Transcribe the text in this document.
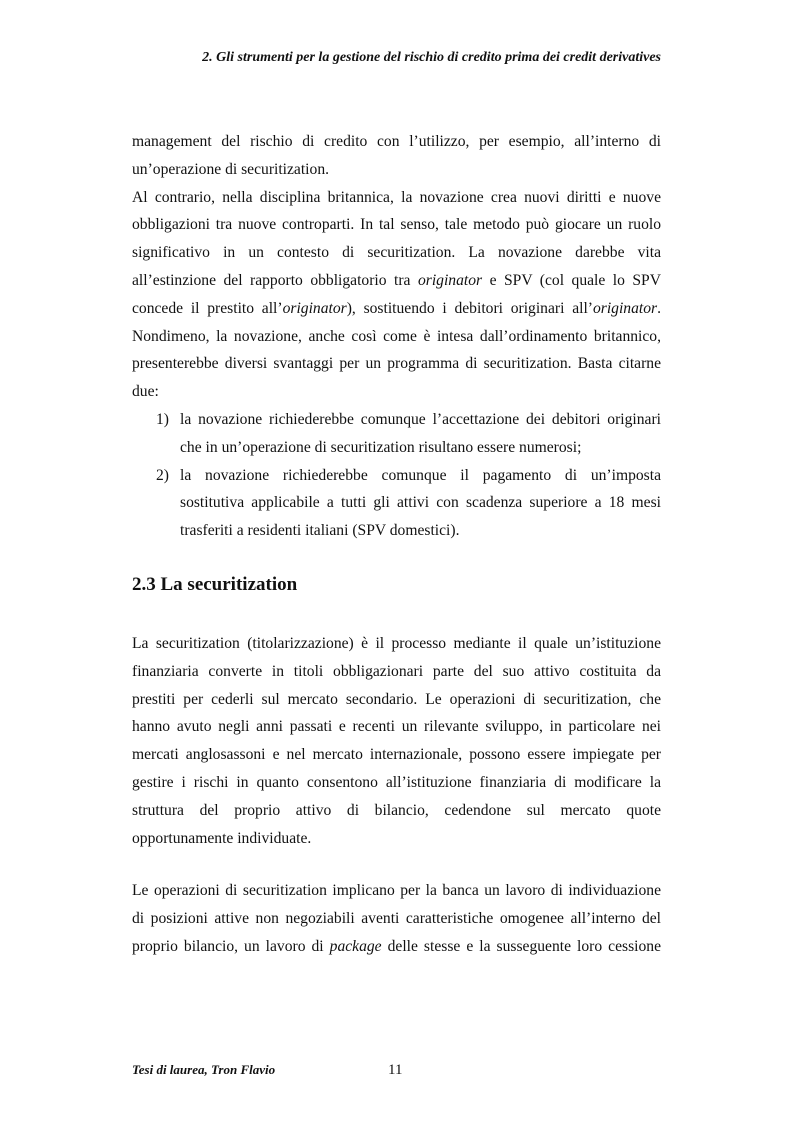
2. Gli strumenti per la gestione del rischio di credito prima dei credit derivatives

management del rischio di credito con l’utilizzo, per esempio, all’interno di
un’operazione di securitization.

Al contrario, nella disciplina britannica, la novazione crea nuovi diritti e nuove
obbligazioni tra nuove controparti. In tal senso, tale metodo può giocare un ruolo
significativo in un contesto di securitization. La novazione darebbe vita
all’estinzione del rapporto obbligatorio tra originator e SPV (col quale lo SPV
concede il prestito all’originator), sostituendo i debitori originari all’originator.
Nondimeno, la novazione, anche così come è intesa dall’ordinamento britannico,
presenterebbe diversi svantaggi per un programma di securitization. Basta citarne
due:

1) la novazione richiederebbe comunque l’accettazione dei debitori originari
che in un’operazione di securitization risultano essere numerosi;
2) la novazione richiederebbe comunque il pagamento di un’imposta
sostitutiva applicabile a tutti gli attivi con scadenza superiore a 18 mesi
trasferiti a residenti italiani (SPV domestici).
2.3 La securitization
La securitization (titolarizzazione) è il processo mediante il quale un’istituzione
finanziaria converte in titoli obbligazionari parte del suo attivo costituita da
prestiti per cederli sul mercato secondario. Le operazioni di securitization, che
hanno avuto negli anni passati e recenti un rilevante sviluppo, in particolare nei
mercati anglosassoni e nel mercato internazionale, possono essere impiegate per
gestire i rischi in quanto consentono all’istituzione finanziaria di modificare la
struttura del proprio attivo di bilancio, cedendone sul mercato quote
opportunamente individuate.
Le operazioni di securitization implicano per la banca un lavoro di individuazione
di posizioni attive non negoziabili aventi caratteristiche omogenee all’interno del
proprio bilancio, un lavoro di package delle stesse e la susseguente loro cessione
Tesi di laurea, Tron Flavio	11
